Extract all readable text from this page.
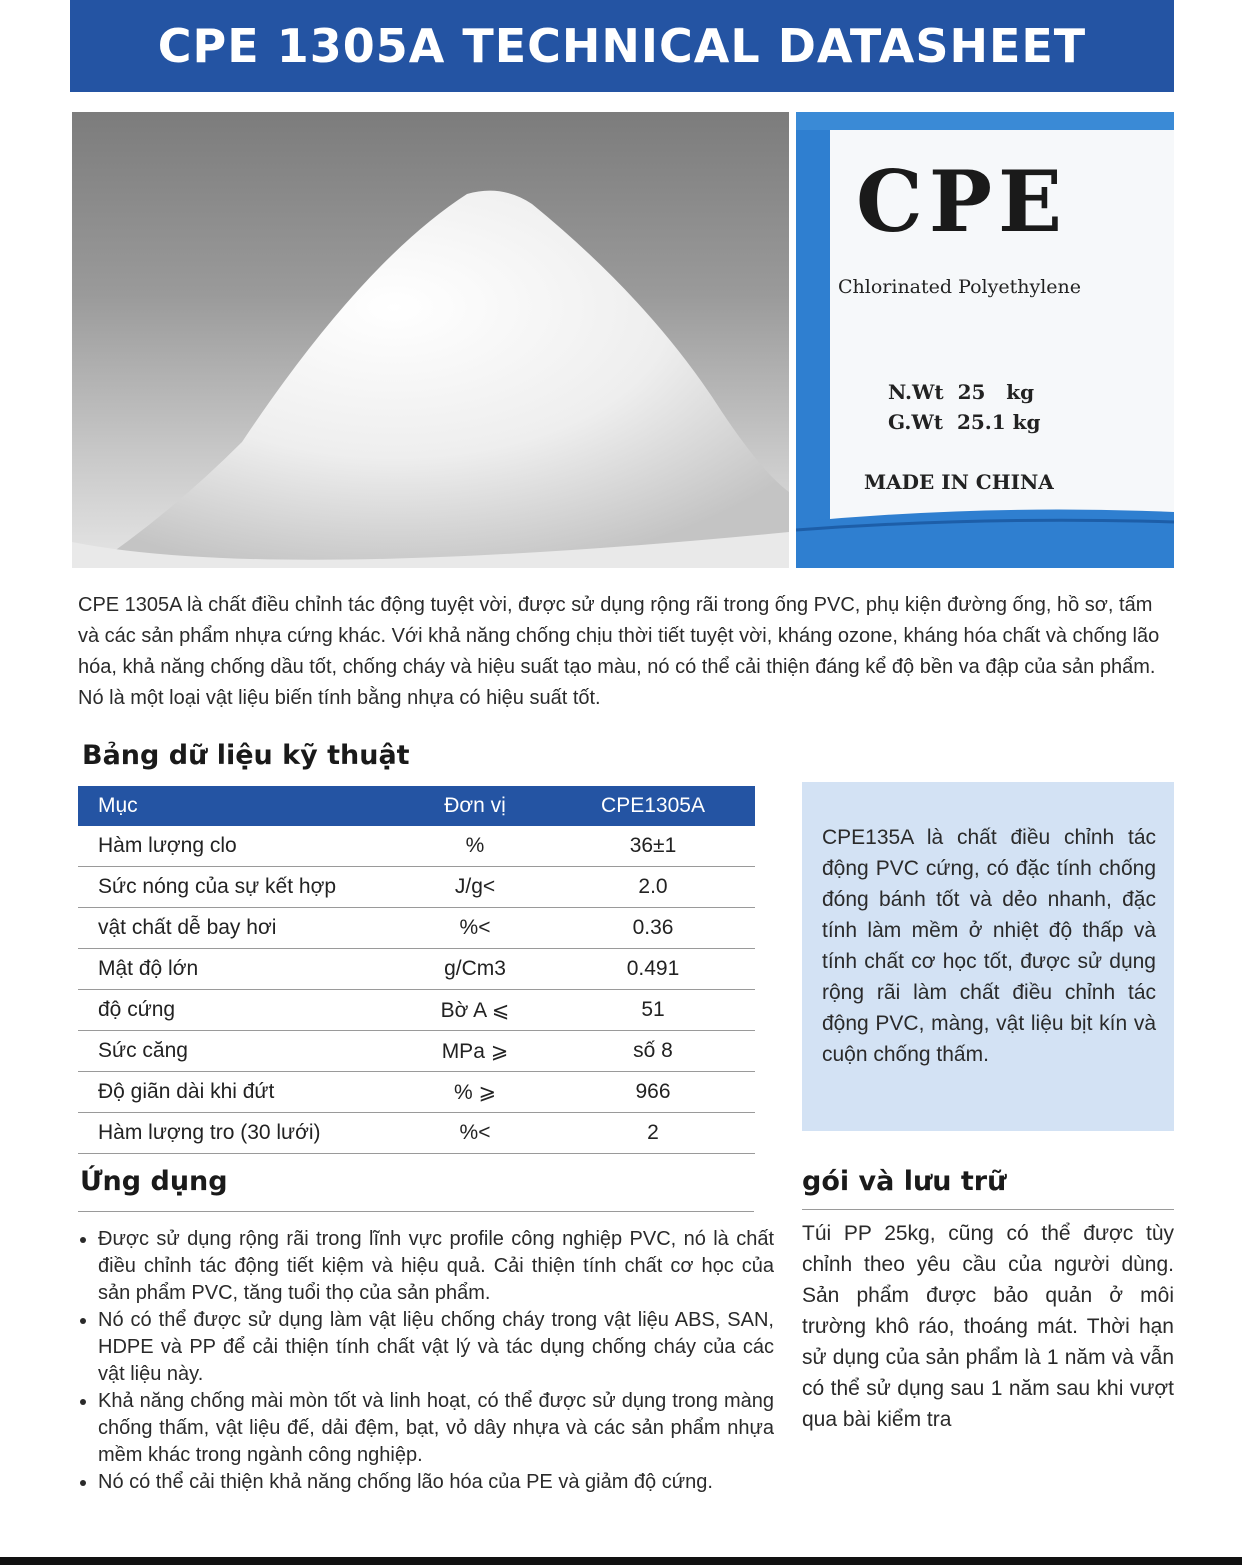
CPE 1305A TECHNICAL DATASHEET
CPE
Chlorinated Polyethylene
N.Wt  25   kg
G.Wt  25.1 kg
MADE IN CHINA

CPE 1305A là chất điều chỉnh tác động tuyệt vời, được sử dụng rộng rãi trong ống PVC, phụ kiện đường ống, hồ sơ, tấm và các sản phẩm nhựa cứng khác. Với khả năng chống chịu thời tiết tuyệt vời, kháng ozone, kháng hóa chất và chống lão hóa, khả năng chống dầu tốt, chống cháy và hiệu suất tạo màu, nó có thể cải thiện đáng kể độ bền va đập của sản phẩm. Nó là một loại vật liệu biến tính bằng nhựa có hiệu suất tốt.

Bảng dữ liệu kỹ thuật
Mục	Đơn vị	CPE1305A
Hàm lượng clo	%	36±1
Sức nóng của sự kết hợp	J/g<	2.0
vật chất dễ bay hơi	%<	0.36
Mật độ lớn	g/Cm3	0.491
độ cứng	Bờ A ⩽	51
Sức căng	MPa ⩾	số 8
Độ giãn dài khi đứt	% ⩾	966
Hàm lượng tro (30 lưới)	%<	2

CPE135A là chất điều chỉnh tác động PVC cứng, có đặc tính chống đóng bánh tốt và dẻo nhanh, đặc tính làm mềm ở nhiệt độ thấp và tính chất cơ học tốt, được sử dụng rộng rãi làm chất điều chỉnh tác động PVC, màng, vật liệu bịt kín và cuộn chống thấm.

Ứng dụng
• Được sử dụng rộng rãi trong lĩnh vực profile công nghiệp PVC, nó là chất điều chỉnh tác động tiết kiệm và hiệu quả. Cải thiện tính chất cơ học của sản phẩm PVC, tăng tuổi thọ của sản phẩm.
• Nó có thể được sử dụng làm vật liệu chống cháy trong vật liệu ABS, SAN, HDPE và PP để cải thiện tính chất vật lý và tác dụng chống cháy của các vật liệu này.
• Khả năng chống mài mòn tốt và linh hoạt, có thể được sử dụng trong màng chống thấm, vật liệu đế, dải đệm, bạt, vỏ dây nhựa và các sản phẩm nhựa mềm khác trong ngành công nghiệp.
• Nó có thể cải thiện khả năng chống lão hóa của PE và giảm độ cứng.
gói và lưu trữ

Túi PP 25kg, cũng có thể được tùy chỉnh theo yêu cầu của người dùng. Sản phẩm được bảo quản ở môi trường khô ráo, thoáng mát. Thời hạn sử dụng của sản phẩm là 1 năm và vẫn có thể sử dụng sau 1 năm sau khi vượt qua bài kiểm tra
